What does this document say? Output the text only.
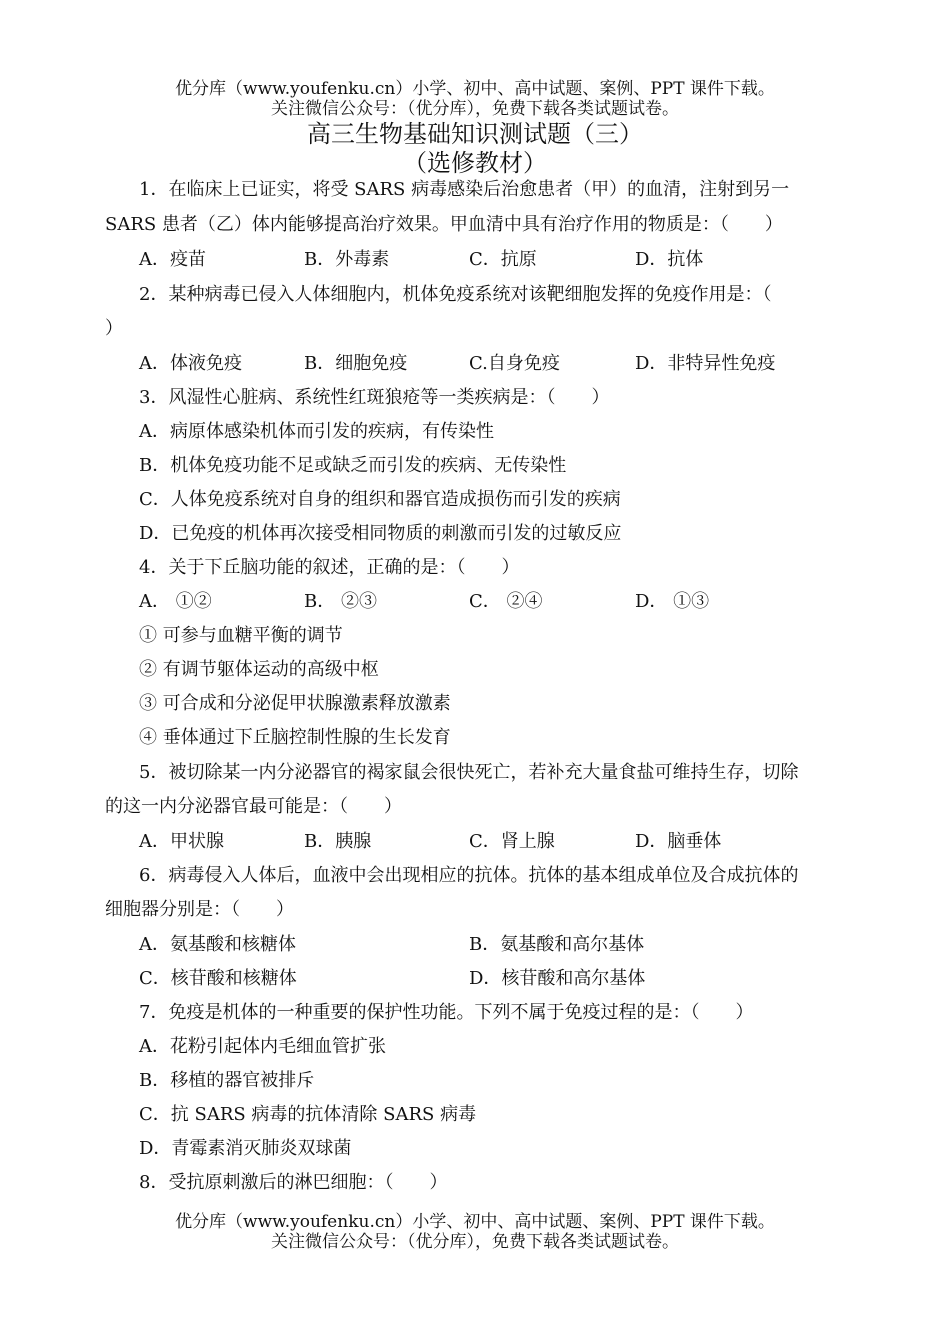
优分库（www.youfenku.cn）小学、初中、高中试题、案例、PPT 课件下载。
关注微信公众号：（优分库），免费下载各类试题试卷。
高三生物基础知识测试题（三）
（选修教材）
1．在临床上已证实，将受 SARS 病毒感染后治愈患者（甲）的血清，注射到另一
SARS 患者（乙）体内能够提高治疗效果。甲血清中具有治疗作用的物质是：（　　）
A．疫苗	B．外毒素	C．抗原	D．抗体
2．某种病毒已侵入人体细胞内，机体免疫系统对该靶细胞发挥的免疫作用是：（
）
A．体液免疫	B．细胞免疫	C.自身免疫	D．非特异性免疫
3．风湿性心脏病、系统性红斑狼疮等一类疾病是：（　　）
A．病原体感染机体而引发的疾病，有传染性
B．机体免疫功能不足或缺乏而引发的疾病、无传染性
C．人体免疫系统对自身的组织和器官造成损伤而引发的疾病
D．已免疫的机体再次接受相同物质的刺激而引发的过敏反应
4．关于下丘脑功能的叙述，正确的是：（　　）
A． ①②	B． ②③	C． ②④	D． ①③
① 可参与血糖平衡的调节
② 有调节躯体运动的高级中枢
③ 可合成和分泌促甲状腺激素释放激素
④ 垂体通过下丘脑控制性腺的生长发育
5．被切除某一内分泌器官的褐家鼠会很快死亡，若补充大量食盐可维持生存，切除
的这一内分泌器官最可能是：（　　）
A．甲状腺	B．胰腺	C．肾上腺	D．脑垂体
6．病毒侵入人体后，血液中会出现相应的抗体。抗体的基本组成单位及合成抗体的
细胞器分别是：（　　）
A．氨基酸和核糖体	B．氨基酸和高尔基体
C．核苷酸和核糖体	D．核苷酸和高尔基体
7．免疫是机体的一种重要的保护性功能。下列不属于免疫过程的是：（　　）
A．花粉引起体内毛细血管扩张
B．移植的器官被排斥
C．抗 SARS 病毒的抗体清除 SARS 病毒
D．青霉素消灭肺炎双球菌
8．受抗原刺激后的淋巴细胞：（　　）
优分库（www.youfenku.cn）小学、初中、高中试题、案例、PPT 课件下载。
关注微信公众号：（优分库），免费下载各类试题试卷。
